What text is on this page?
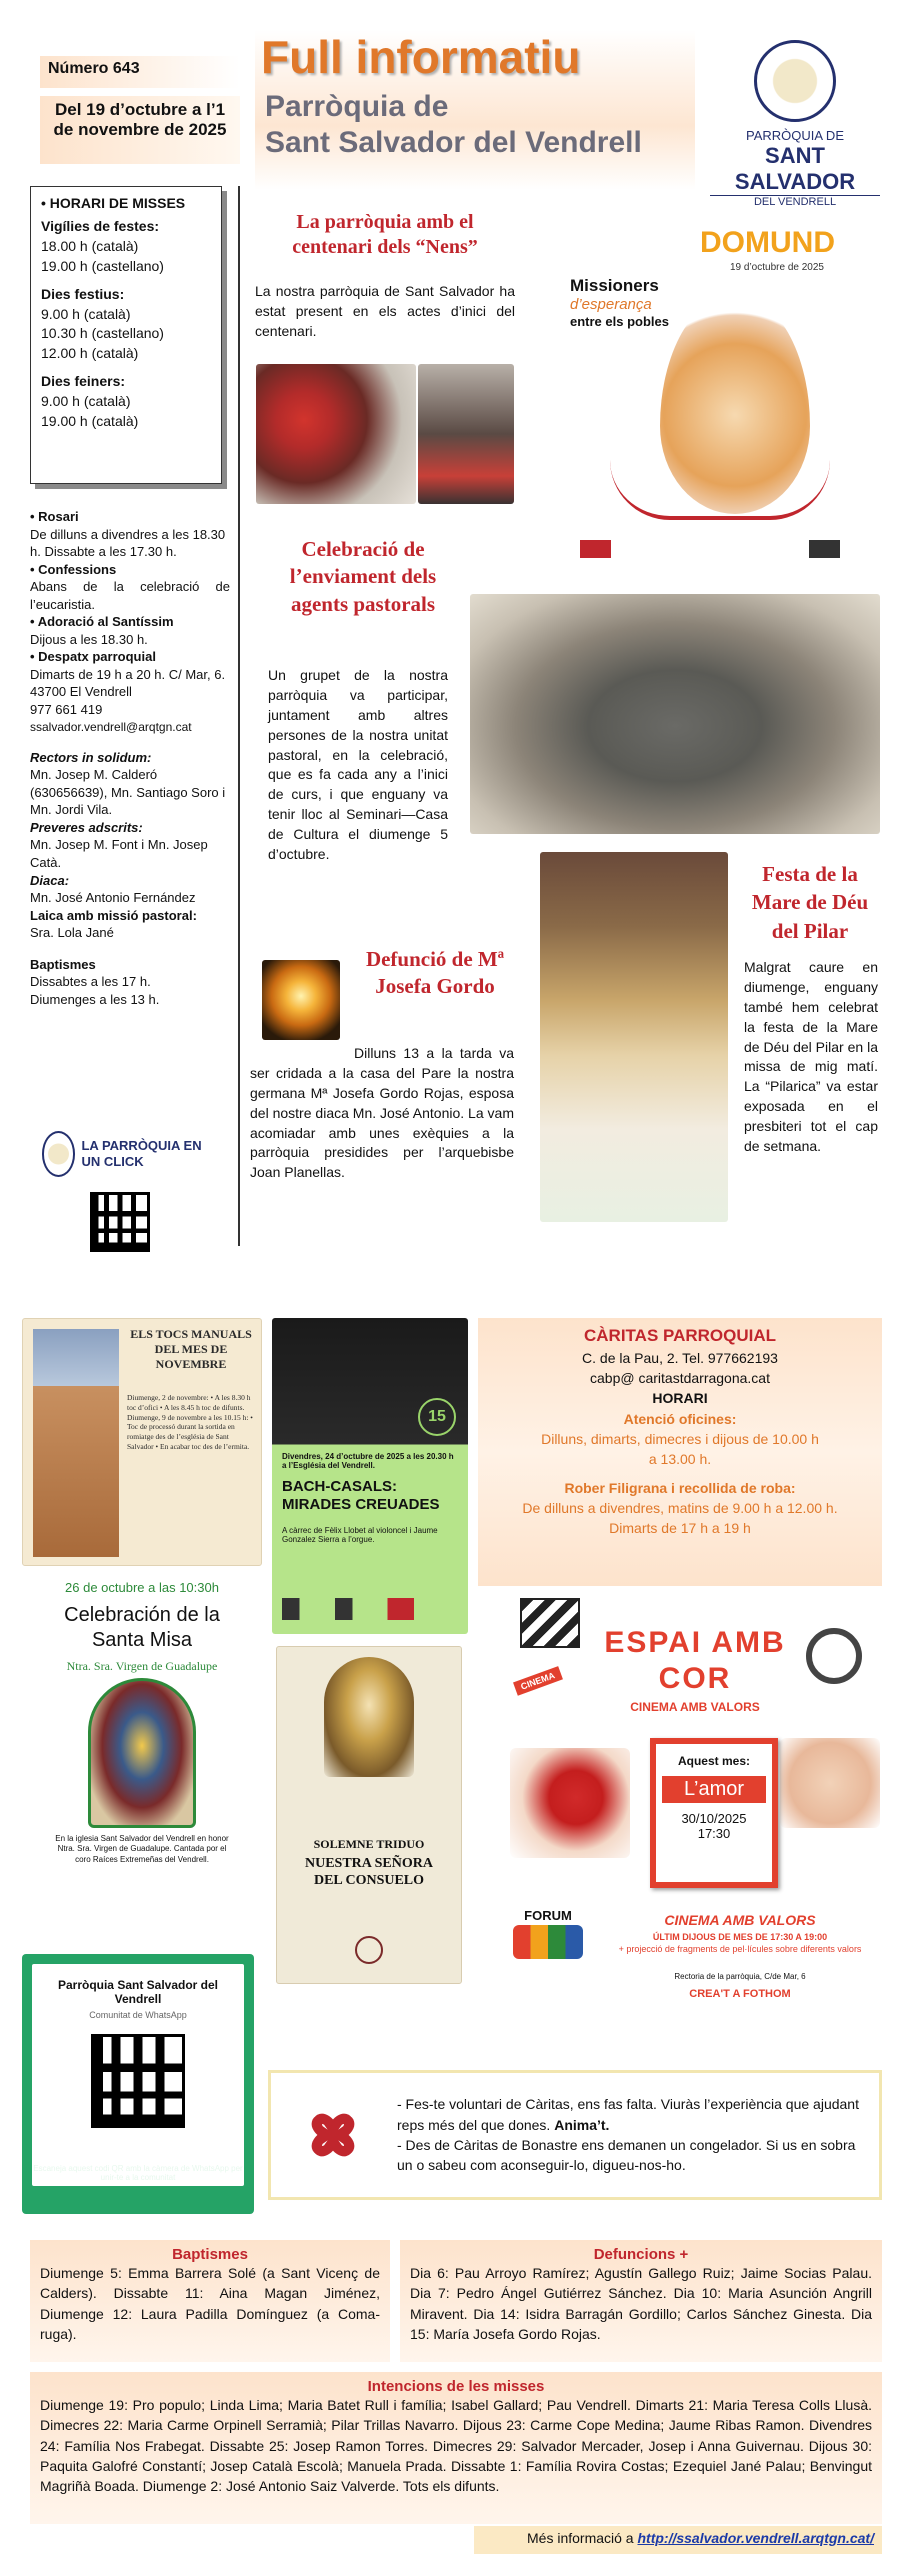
Número 643
Del 19 d’octubre a l’1 de novembre de 2025
Full informatiu
Parròquia de
Sant Salvador del Vendrell	PARRÒQUIA DE
SANT SALVADOR
DEL VENDRELL
• HORARI DE MISSES
Vigílies de festes:
18.00 h (català)
19.00 h (castellano)
Dies festius:
9.00 h (català)
10.30 h (castellano)
12.00 h (català)
Dies feiners:
9.00 h (català)
19.00 h (català)
• Rosari
De dilluns a divendres a les 18.30 h. Dissabte a les 17.30 h.
• Confessions
Abans de la celebració de l’eucaristia.
• Adoració al Santíssim
Dijous a les 18.30 h.
• Despatx parroquial
Dimarts de 19 h a 20 h. C/ Mar, 6. 43700 El Vendrell
977 661 419
ssalvador.vendrell@arqtgn.cat
Rectors in solidum:
Mn. Josep M. Calderó (630656639), Mn. Santiago Soro i Mn. Jordi Vila.
Preveres adscrits:
Mn. Josep M. Font i Mn. Josep Catà.
Diaca:
Mn. José Antonio Fernández
Laica amb missió pastoral:
Sra. Lola Jané
Baptismes
Dissabtes a les 17 h.
Diumenges a les 13 h.
LA PARRÒQUIA EN UN CLICK
La parròquia amb el centenari dels “Nens”
La nostra parròquia de Sant Salvador ha estat present en els actes d’inici del centenari.
DOMUND
19 d’octubre de 2025
Missioners
d’esperança
entre els pobles
Celebració de l’enviament dels agents pastorals
Un grupet de la nostra parròquia va participar, juntament amb altres persones de la nostra unitat pastoral, en la celebració, que es fa cada any a l’inici de curs, i que enguany va tenir lloc al Seminari—Casa de Cultura el diumenge 5 d’octubre.
Defunció de Mª Josefa Gordo
Dilluns 13 a la tarda va ser cridada a la casa del Pare la nostra germana Mª Josefa Gordo Rojas, esposa del nostre diaca Mn. José Antonio. La vam acomiadar amb unes exèquies a la parròquia presidides per l’arquebisbe Joan Planellas.
Festa de la Mare de Déu del Pilar
Malgrat caure en diumenge, enguany també hem celebrat la festa de la Mare de Déu del Pilar en la missa de mig matí. La “Pilarica” va estar exposada en el presbiteri tot el cap de setmana.
ELS TOCS MANUALS DEL MES DE NOVEMBRE
Diumenge, 2 de novembre: • A les 8.30 h toc d’ofici • A les 8.45 h toc de difunts. Diumenge, 9 de novembre a les 10.15 h: • Toc de processó durant la sortida en romiatge des de l’església de Sant Salvador • En acabar toc des de l’ermita.
15
Divendres, 24 d’octubre de 2025 a les 20.30 h a l’Església del Vendrell.
BACH-CASALS: MIRADES CREUADES
A càrrec de Fèlix Llobet al violoncel i Jaume Gonzalez Sierra a l’orgue.
CÀRITAS PARROQUIAL
C. de la Pau, 2. Tel. 977662193
cabp@ caritastdarragona.cat
HORARI
Atenció oficines:
Dilluns, dimarts, dimecres i dijous de 10.00 h a 13.00 h.
Rober Filigrana i recollida de roba:
De dilluns a divendres, matins de 9.00 h a 12.00 h.
Dimarts de 17 h a 19 h
26 de octubre a las 10:30h
Celebración de la Santa Misa
Ntra. Sra. Virgen de Guadalupe
En la iglesia Sant Salvador del Vendrell en honor Ntra. Sra. Virgen de Guadalupe. Cantada por el coro Raíces Extremeñas del Vendrell.
SOLEMNE TRIDUO
NUESTRA SEÑORA DEL CONSUELO
ESPAI AMB
COR
CINEMA AMB VALORS
CINEMA
Aquest mes:
L’amor
30/10/2025
17:30
FORUM	CINEMA AMB VALORS
ÚLTIM DIJOUS DE MES DE 17:30 A 19:00
+ projecció de fragments de pel·lícules sobre diferents valors
Rectoria de la parròquia, C/de Mar, 6
CREA'T A FOTHOM
Parròquia Sant Salvador del Vendrell
Comunitat de WhatsApp
Escaneja aquest codi QR amb la càmera de WhatsApp per unir-te a la comunitat
- Fes-te voluntari de Càritas, ens fas falta. Viuràs l’experiència que ajudant reps més del que dones. Anima’t.
- Des de Càritas de Bonastre ens demanen un congelador. Si us en sobra un o sabeu com aconseguir-lo, digueu-nos-ho.
Baptismes
Diumenge 5: Emma Barrera Solé (a Sant Vicenç de Calders). Dissabte 11: Aina Magan Jiménez, Diumenge 12: Laura Padilla Domínguez (a Coma-ruga).
Defuncions +
Dia 6: Pau Arroyo Ramírez; Agustín Gallego Ruiz; Jaime Socias Palau. Dia 7: Pedro Ángel Gutiérrez Sánchez. Dia 10: Maria Asunción Angrill Miravent. Dia 14: Isidra Barragán Gordillo; Carlos Sánchez Ginesta. Dia 15: María Josefa Gordo Rojas.
Intencions de les misses
Diumenge 19: Pro populo; Linda Lima; Maria Batet Rull i família; Isabel Gallard; Pau Vendrell. Dimarts 21: Maria Teresa Colls Llusà. Dimecres 22: Maria Carme Orpinell Serramià; Pilar Trillas Navarro. Dijous 23: Carme Cope Medina; Jaume Ribas Ramon. Divendres 24: Família Nos Frabegat. Dissabte 25: Josep Ramon Torres. Dimecres 29: Salvador Mercader, Josep i Anna Guivernau. Dijous 30: Paquita Galofré Constantí; Josep Català Escolà; Manuela Prada. Dissabte 1: Família Rovira Costas; Ezequiel Jané Palau; Benvingut Magriñà Boada. Diumenge 2: José Antonio Saiz Valverde. Tots els difunts.
Més informació a http://ssalvador.vendrell.arqtgn.cat/
